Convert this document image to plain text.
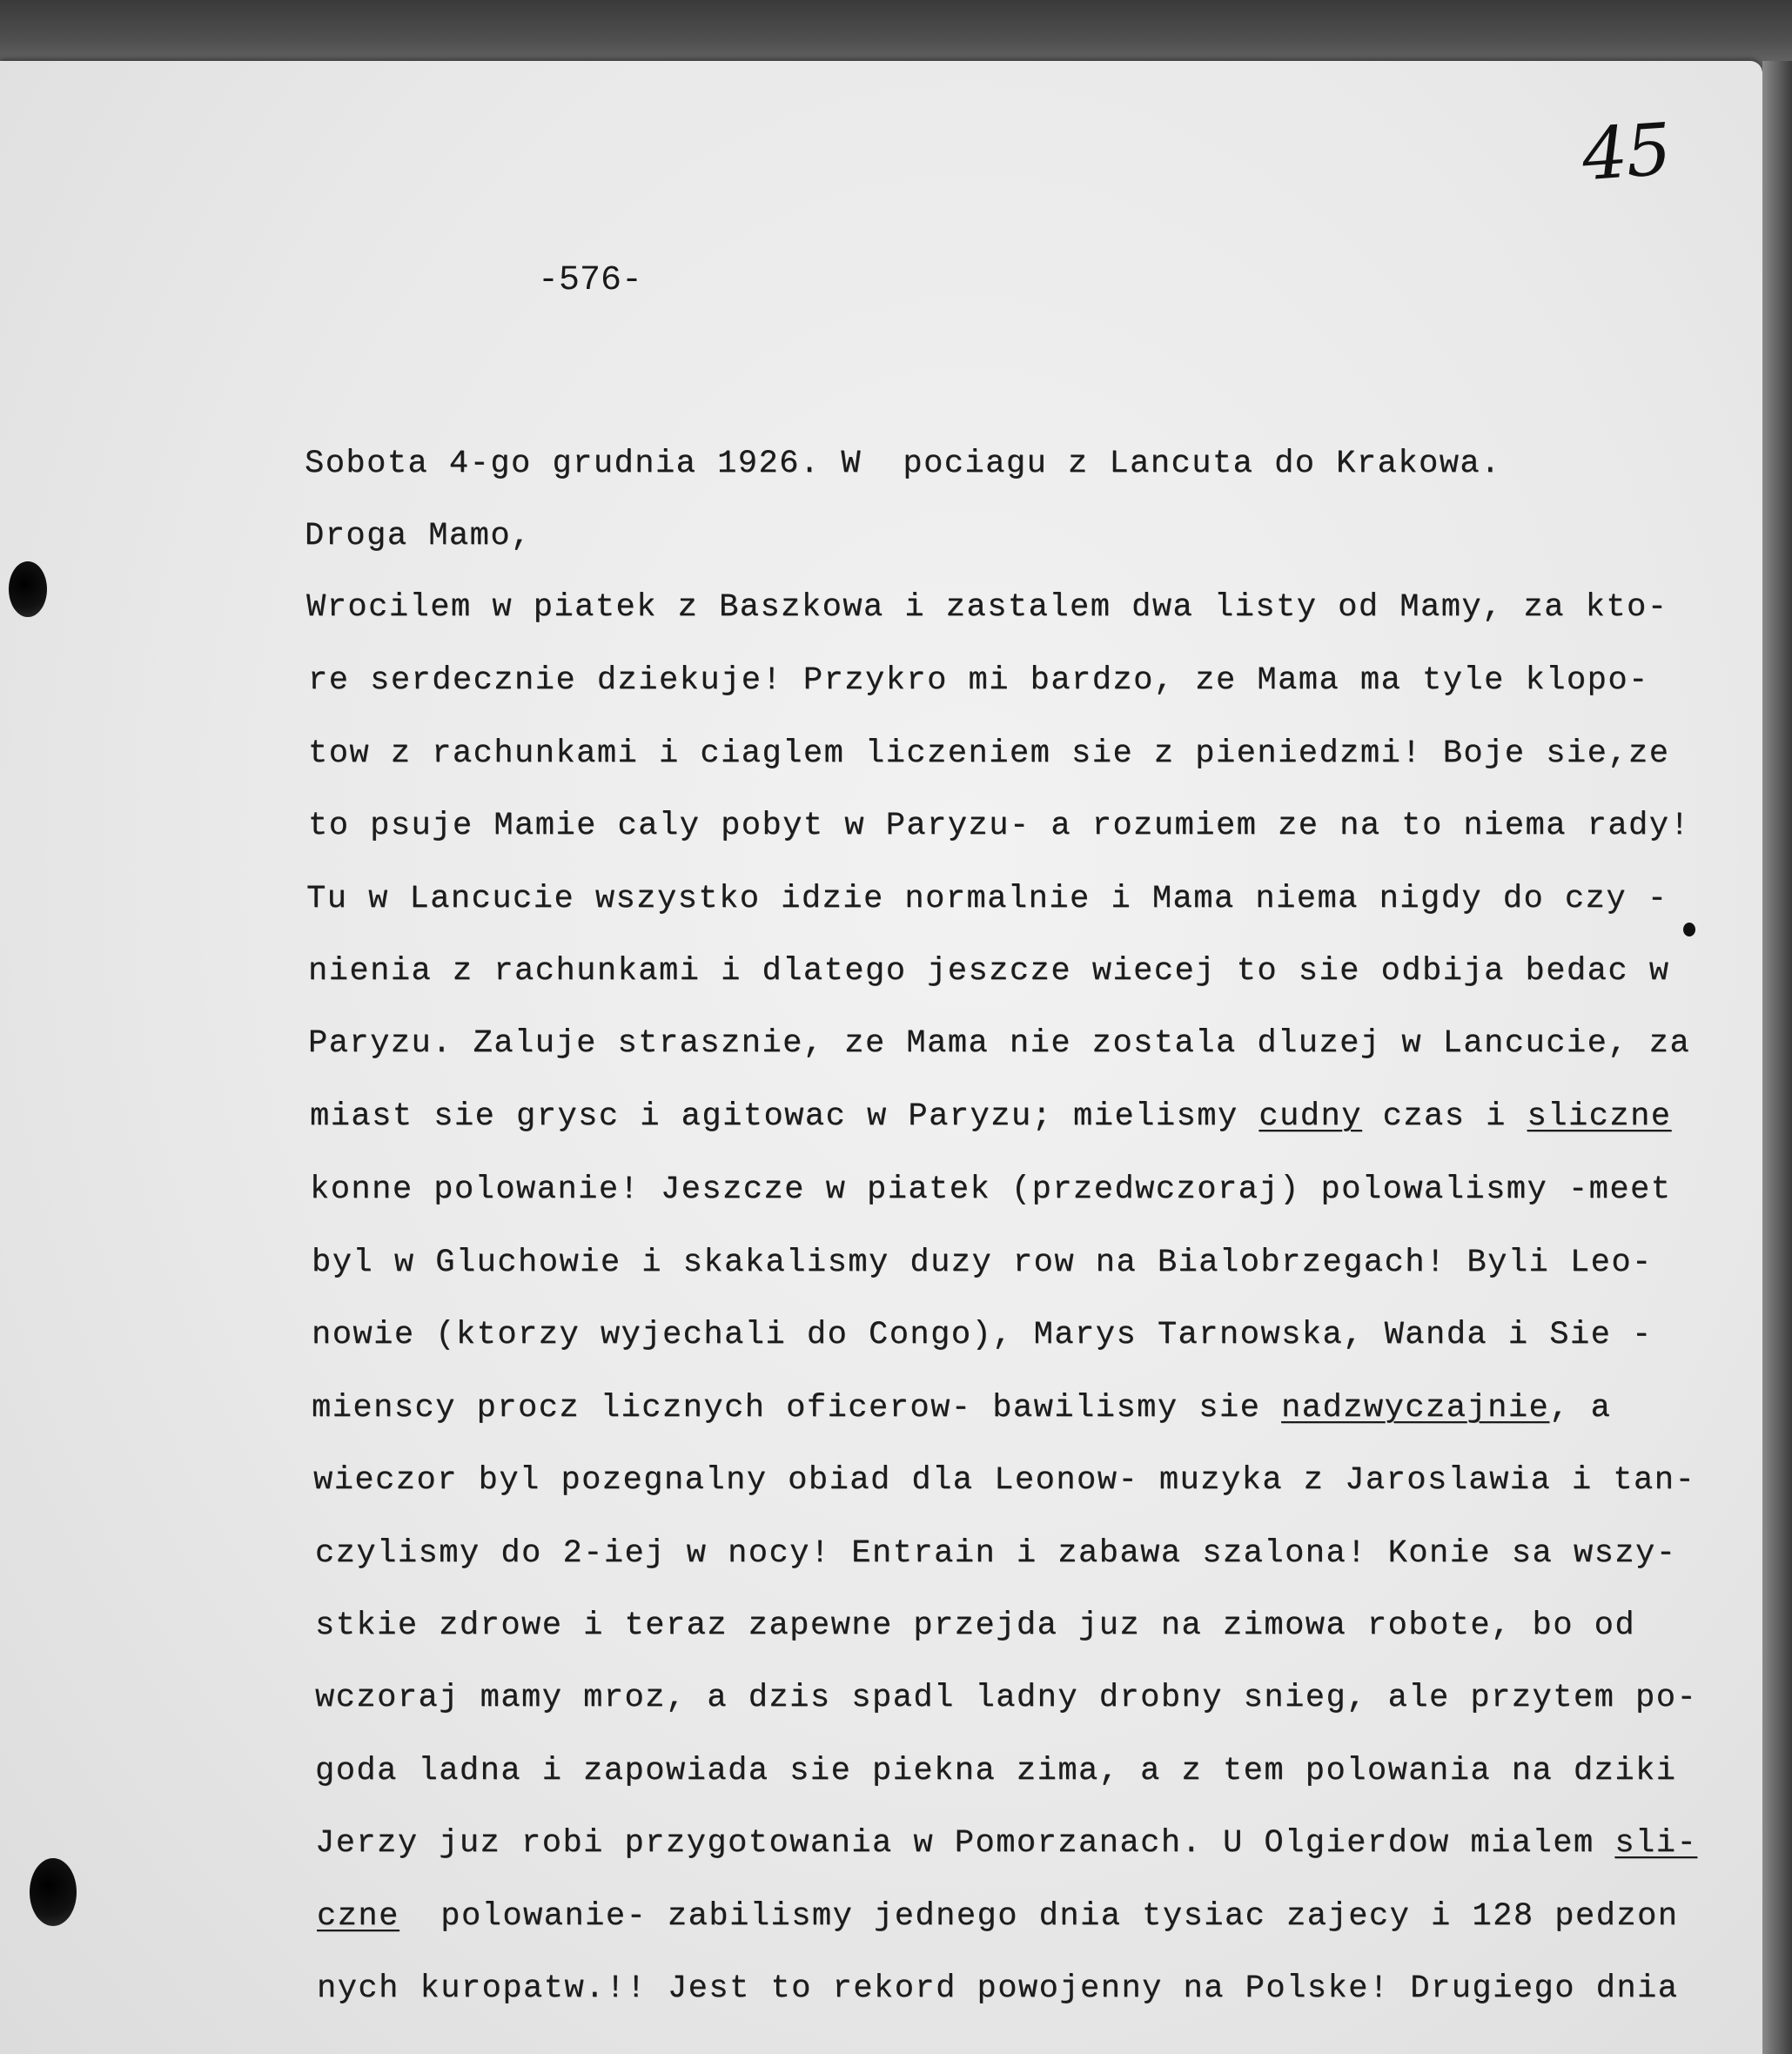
45
-576-
Sobota 4-go grudnia 1926. W  pociagu z Lancuta do Krakowa.
Droga Mamo,
Wrocilem w piatek z Baszkowa i zastalem dwa listy od Mamy, za kto-
re serdecznie dziekuje! Przykro mi bardzo, ze Mama ma tyle klopo-
tow z rachunkami i ciaglem liczeniem sie z pieniedzmi! Boje sie,ze
to psuje Mamie caly pobyt w Paryzu- a rozumiem ze na to niema rady!
Tu w Lancucie wszystko idzie normalnie i Mama niema nigdy do czy -
nienia z rachunkami i dlatego jeszcze wiecej to sie odbija bedac w
Paryzu. Zaluje strasznie, ze Mama nie zostala dluzej w Lancucie, za
miast sie grysc i agitowac w Paryzu; mielismy cudny czas i sliczne
konne polowanie! Jeszcze w piatek (przedwczoraj) polowalismy -meet
byl w Gluchowie i skakalismy duzy row na Bialobrzegach! Byli Leo-
nowie (ktorzy wyjechali do Congo), Marys Tarnowska, Wanda i Sie -
mienscy procz licznych oficerow- bawilismy sie nadzwyczajnie, a
wieczor byl pozegnalny obiad dla Leonow- muzyka z Jaroslawia i tan-
czylismy do 2-iej w nocy! Entrain i zabawa szalona! Konie sa wszy-
stkie zdrowe i teraz zapewne przejda juz na zimowa robote, bo od
wczoraj mamy mroz, a dzis spadl ladny drobny snieg, ale przytem po-
goda ladna i zapowiada sie piekna zima, a z tem polowania na dziki
Jerzy juz robi przygotowania w Pomorzanach. U Olgierdow mialem sli-
czne  polowanie- zabilismy jednego dnia tysiac zajecy i 128 pedzon
nych kuropatw.!! Jest to rekord powojenny na Polske! Drugiego dnia
